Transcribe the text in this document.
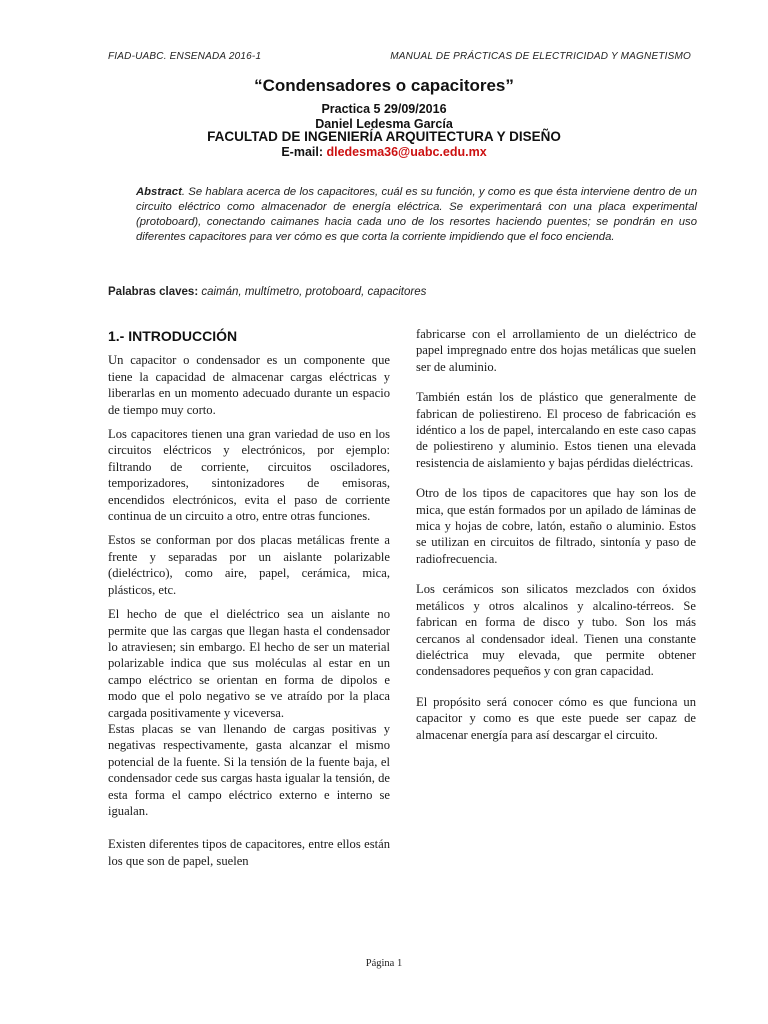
FIAD-UABC. ENSENADA 2016-1	MANUAL DE PRÁCTICAS DE ELECTRICIDAD Y MAGNETISMO
“Condensadores o capacitores”
Practica 5 29/09/2016
Daniel Ledesma García
FACULTAD DE INGENIERÍA ARQUITECTURA Y DISEÑO
E-mail: dledesma36@uabc.edu.mx
Abstract. Se hablara acerca de los capacitores, cuál es su función, y como es que ésta interviene dentro de un circuito eléctrico como almacenador de energía eléctrica. Se experimentará con una placa experimental (protoboard), conectando caimanes hacia cada uno de los resortes haciendo puentes; se pondrán en uso diferentes capacitores para ver cómo es que corta la corriente impidiendo que el foco encienda.
Palabras claves: caimán, multímetro, protoboard, capacitores
1.- INTRODUCCIÓN

Un capacitor o condensador es un componente que tiene la capacidad de almacenar cargas eléctricas y liberarlas en un momento adecuado durante un espacio de tiempo muy corto.

Los capacitores tienen una gran variedad de uso en los circuitos eléctricos y electrónicos, por ejemplo: filtrando de corriente, circuitos osciladores, temporizadores, sintonizadores de emisoras, encendidos electrónicos, evita el paso de corriente continua de un circuito a otro, entre otras funciones.

Estos se conforman por dos placas metálicas frente a frente y separadas por un aislante polarizable (dieléctrico), como aire, papel, cerámica, mica, plásticos, etc.

El hecho de que el dieléctrico sea un aislante no permite que las cargas que llegan hasta el condensador lo atraviesen; sin embargo. El hecho de ser un material polarizable indica que sus moléculas al estar en un campo eléctrico se orientan en forma de dipolos e modo que el polo negativo se ve atraído por la placa cargada positivamente y viceversa.

Estas placas se van llenando de cargas positivas y negativas respectivamente, gasta alcanzar el mismo potencial de la fuente. Si la tensión de la fuente baja, el condensador cede sus cargas hasta igualar la tensión, de esta forma el campo eléctrico externo e interno se igualan.

Existen diferentes tipos de capacitores, entre ellos están los que son de papel, suelen

fabricarse con el arrollamiento de un dieléctrico de papel impregnado entre dos hojas metálicas que suelen ser de aluminio.

También están los de plástico que generalmente de fabrican de poliestireno. El proceso de fabricación es idéntico a los de papel, intercalando en este caso capas de poliestireno y aluminio. Estos tienen una elevada resistencia de aislamiento y bajas pérdidas dieléctricas.

Otro de los tipos de capacitores que hay son los de mica, que están formados por un apilado de láminas de mica y hojas de cobre, latón, estaño o aluminio. Estos se utilizan en circuitos de filtrado, sintonía y paso de radiofrecuencia.

Los cerámicos son silicatos mezclados con óxidos metálicos y otros alcalinos y alcalino-térreos. Se fabrican en forma de disco y tubo. Son los más cercanos al condensador ideal. Tienen una constante dieléctrica muy elevada, que permite obtener condensadores pequeños y con gran capacidad.

El propósito será conocer cómo es que funciona un capacitor y como es que este puede ser capaz de almacenar energía para así descargar el circuito.

Página 1
